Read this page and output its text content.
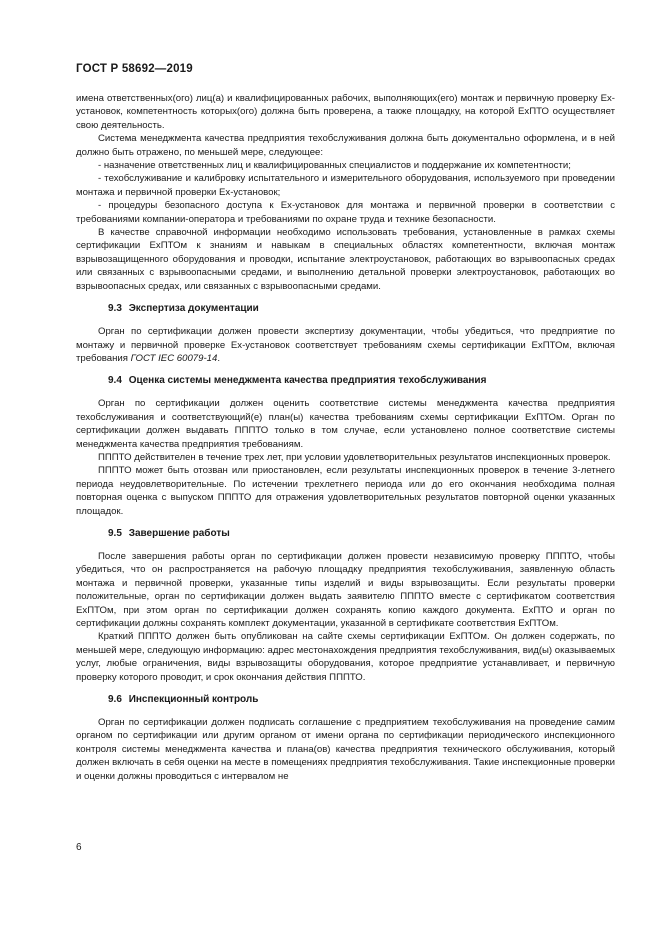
ГОСТ Р 58692—2019

имена ответственных(ого) лиц(а) и квалифицированных рабочих, выполняющих(его) монтаж и первичную проверку Ех-установок, компетентность которых(ого) должна быть проверена, а также площадку, на которой ЕхПТО осуществляет свою деятельность.

Система менеджмента качества предприятия техобслуживания должна быть документально оформлена, и в ней должно быть отражено, по меньшей мере, следующее:

- назначение ответственных лиц и квалифицированных специалистов и поддержание их компетентности;

- техобслуживание и калибровку испытательного и измерительного оборудования, используемого при проведении монтажа и первичной проверки Ех-установок;

- процедуры безопасного доступа к Ех-установок для монтажа и первичной проверки в соответствии с требованиями компании-оператора и требованиями по охране труда и технике безопасности.

В качестве справочной информации необходимо использовать требования, установленные в рамках схемы сертификации ЕхПТОм к знаниям и навыкам в специальных областях компетентности, включая монтаж взрывозащищенного оборудования и проводки, испытание электроустановок, работающих во взрывоопасных средах или связанных с взрывоопасными средами, и выполнению детальной проверки электроустановок, работающих во взрывоопасных средах, или связанных с взрывоопасными средами.

9.3 Экспертиза документации

Орган по сертификации должен провести экспертизу документации, чтобы убедиться, что предприятие по монтажу и первичной проверке Ех-установок соответствует требованиям схемы сертификации ЕхПТОм, включая требования ГОСТ IEC 60079-14.

9.4 Оценка системы менеджмента качества предприятия техобслуживания

Орган по сертификации должен оценить соответствие системы менеджмента качества предприятия техобслуживания и соответствующий(е) план(ы) качества требованиям схемы сертификации ЕхПТОм. Орган по сертификации должен выдавать ПППТО только в том случае, если установлено полное соответствие системы менеджмента качества предприятия требованиям.

ПППТО действителен в течение трех лет, при условии удовлетворительных результатов инспекционных проверок.

ПППТО может быть отозван или приостановлен, если результаты инспекционных проверок в течение 3-летнего периода неудовлетворительные. По истечении трехлетнего периода или до его окончания необходима полная повторная оценка с выпуском ПППТО для отражения удовлетворительных результатов повторной оценки указанных площадок.

9.5 Завершение работы

После завершения работы орган по сертификации должен провести независимую проверку ПППТО, чтобы убедиться, что он распространяется на рабочую площадку предприятия техобслуживания, заявленную область монтажа и первичной проверки, указанные типы изделий и виды взрывозащиты. Если результаты проверки положительные, орган по сертификации должен выдать заявителю ПППТО вместе с сертификатом соответствия ЕхПТОм, при этом орган по сертификации должен сохранять копию каждого документа. ЕхПТО и орган по сертификации должны сохранять комплект документации, указанной в сертификате соответствия ЕхПТОм.

Краткий ПППТО должен быть опубликован на сайте схемы сертификации ЕхПТОм. Он должен содержать, по меньшей мере, следующую информацию: адрес местонахождения предприятия техобслуживания, вид(ы) оказываемых услуг, любые ограничения, виды взрывозащиты оборудования, которое предприятие устанавливает, и первичную проверку которого проводит, и срок окончания действия ПППТО.

9.6 Инспекционный контроль

Орган по сертификации должен подписать соглашение с предприятием техобслуживания на проведение самим органом по сертификации или другим органом от имени органа по сертификации периодического инспекционного контроля системы менеджмента качества и плана(ов) качества предприятия технического обслуживания, который должен включать в себя оценки на месте в помещениях предприятия техобслуживания. Такие инспекционные проверки и оценки должны проводиться с интервалом не

6
